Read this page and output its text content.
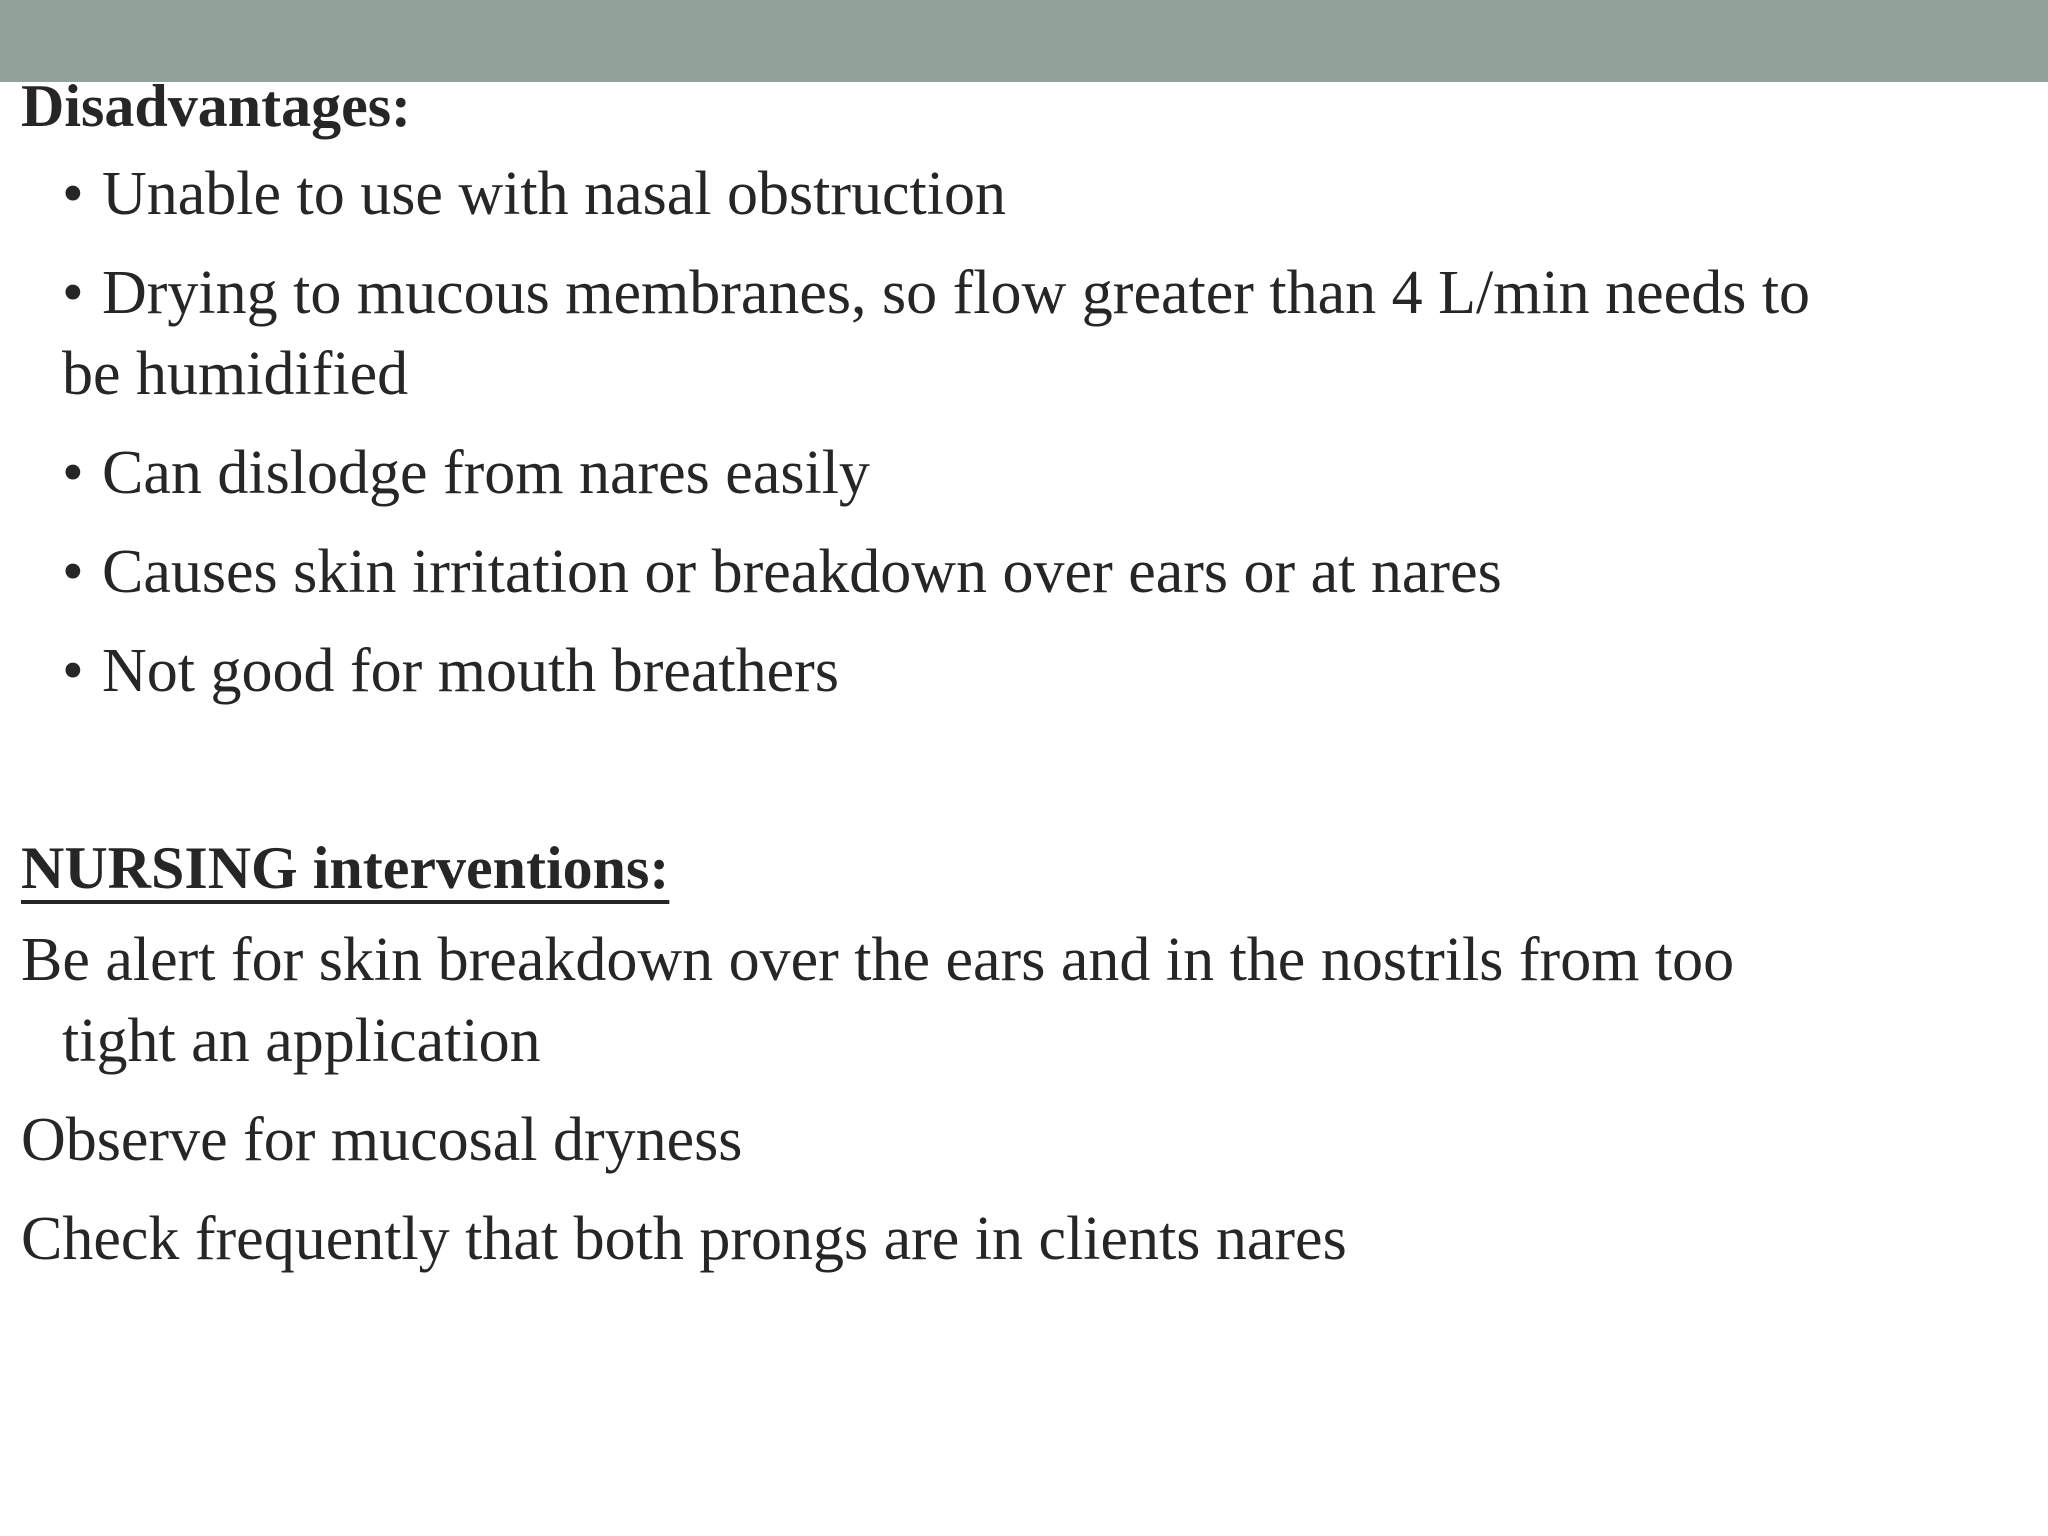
Disadvantages:
• Unable to use with nasal obstruction
• Drying to mucous membranes, so flow greater than 4 L/min needs to
be humidified
• Can dislodge from nares easily
• Causes skin irritation or breakdown over ears or at nares
• Not good for mouth breathers
NURSING interventions:
Be alert for skin breakdown over the ears and in the nostrils from too
tight an application
Observe for mucosal dryness
Check frequently that both prongs are in clients nares
